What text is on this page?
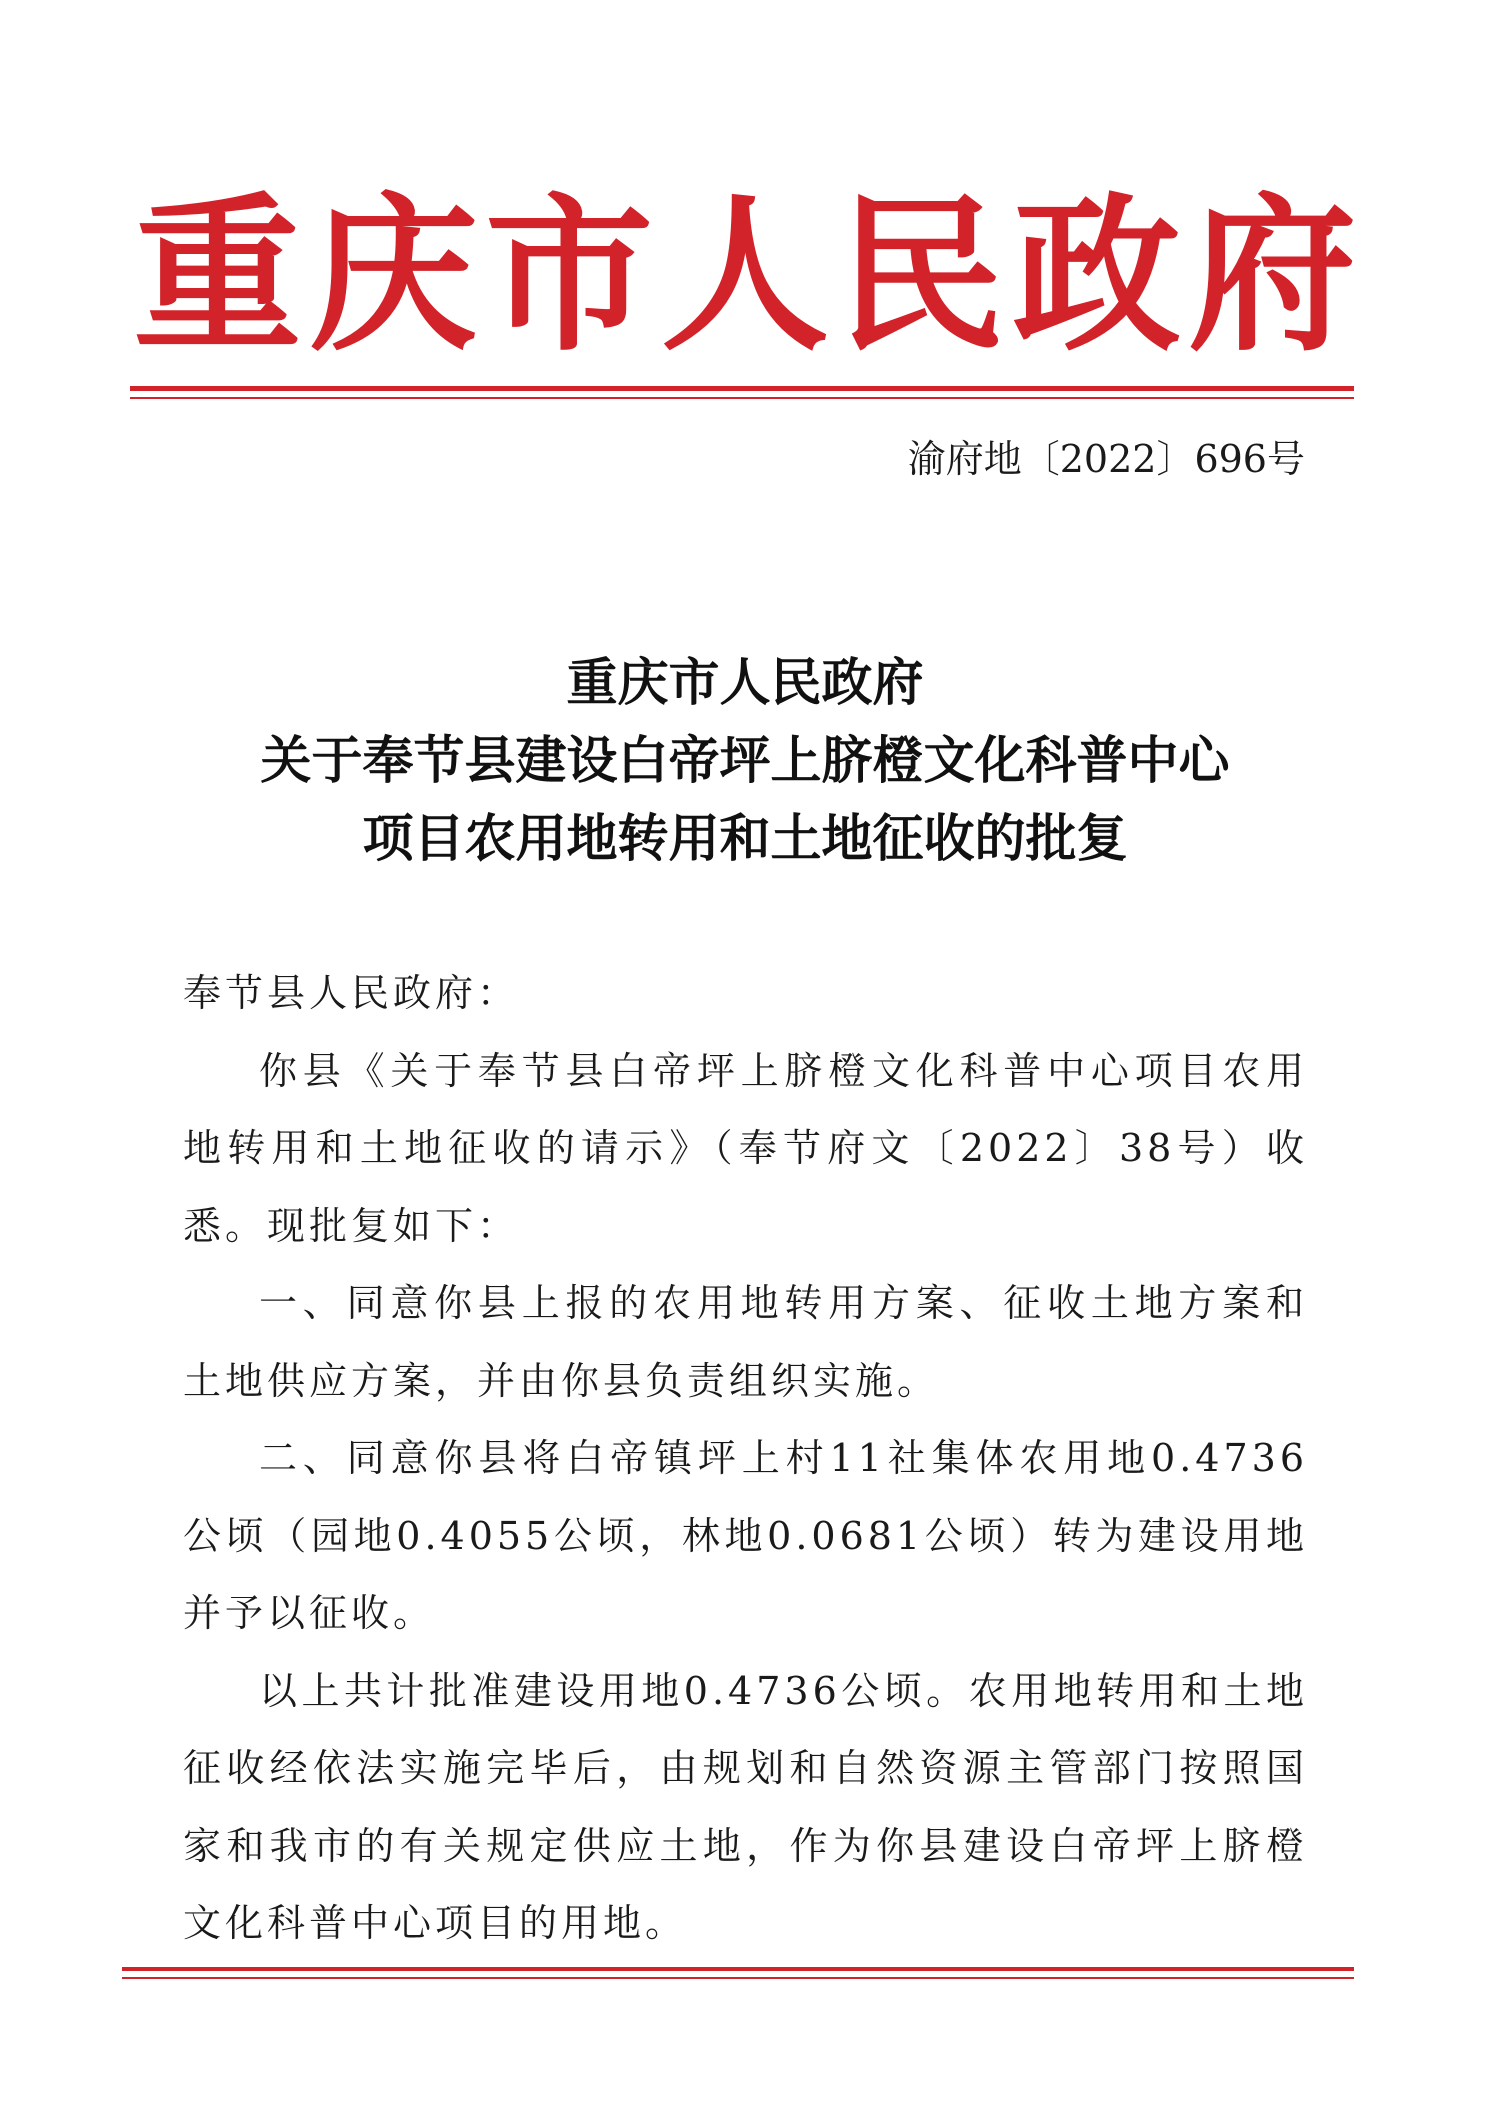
重 庆 市 人 民 政 府
渝府地〔2022〕696号
重庆市人民政府
关于奉节县建设白帝坪上脐橙文化科普中心
项目农用地转用和土地征收的批复

奉节县人民政府：

你县《关于奉节县白帝坪上脐橙文化科普中心项目农用地转用和土地征收的请示》（奉节府文〔2022〕38号）收悉。现批复如下：

一、同意你县上报的农用地转用方案、征收土地方案和土地供应方案，并由你县负责组织实施。

二、同意你县将白帝镇坪上村11社集体农用地0.4736公顷（园地0.4055公顷，林地0.0681公顷）转为建设用地并予以征收。

以上共计批准建设用地0.4736公顷。农用地转用和土地征收经依法实施完毕后，由规划和自然资源主管部门按照国家和我市的有关规定供应土地，作为你县建设白帝坪上脐橙文化科普中心项目的用地。
